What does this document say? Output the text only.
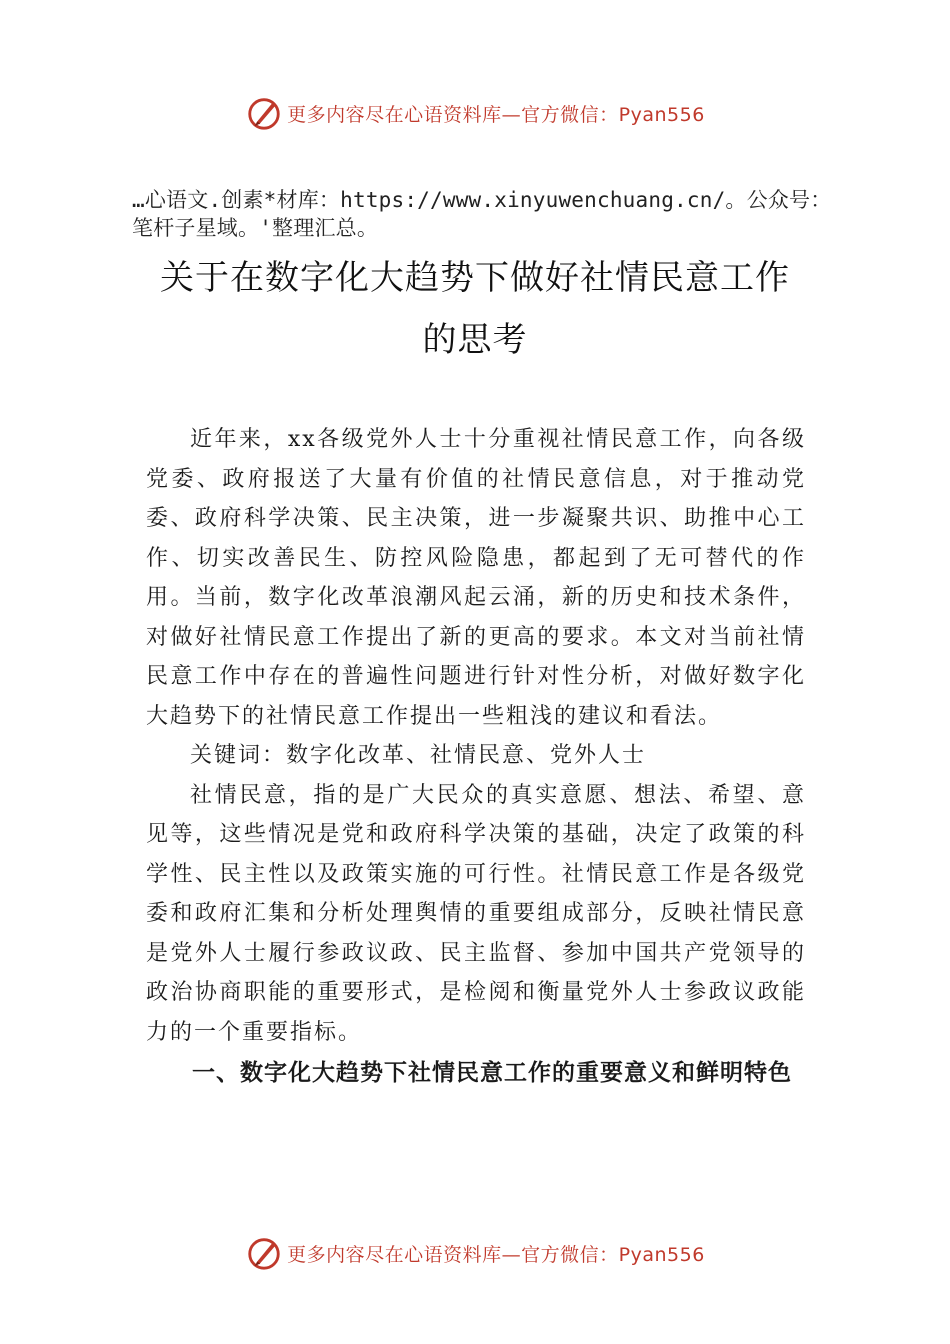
更多内容尽在心语资料库—官方微信：Pyan556
…心语文.创素*材库：https://www.xinyuwenchuang.cn/。公众号：笔杆子星域。'整理汇总。
关于在数字化大趋势下做好社情民意工作
的思考

近年来，xx各级党外人士十分重视社情民意工作，向各级党委、政府报送了大量有价值的社情民意信息，对于推动党委、政府科学决策、民主决策，进一步凝聚共识、助推中心工作、切实改善民生、防控风险隐患，都起到了无可替代的作用。当前，数字化改革浪潮风起云涌，新的历史和技术条件，对做好社情民意工作提出了新的更高的要求。本文对当前社情民意工作中存在的普遍性问题进行针对性分析，对做好数字化大趋势下的社情民意工作提出一些粗浅的建议和看法。

关键词：数字化改革、社情民意、党外人士

社情民意，指的是广大民众的真实意愿、想法、希望、意见等，这些情况是党和政府科学决策的基础，决定了政策的科学性、民主性以及政策实施的可行性。社情民意工作是各级党委和政府汇集和分析处理舆情的重要组成部分，反映社情民意是党外人士履行参政议政、民主监督、参加中国共产党领导的政治协商职能的重要形式，是检阅和衡量党外人士参政议政能力的一个重要指标。

一、数字化大趋势下社情民意工作的重要意义和鲜明特色
更多内容尽在心语资料库—官方微信：Pyan556
